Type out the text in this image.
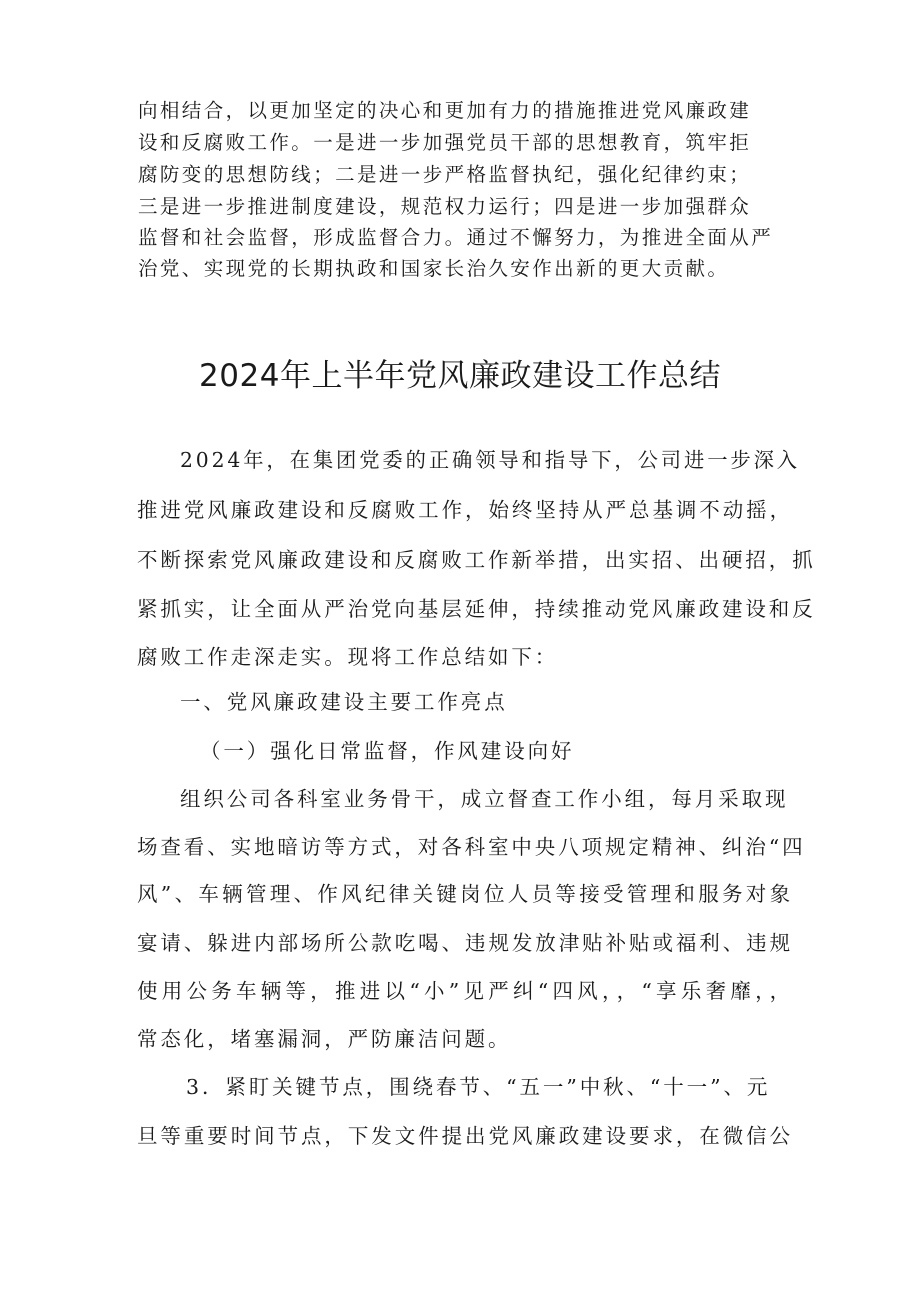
向相结合，以更加坚定的决心和更加有力的措施推进党风廉政建
设和反腐败工作。一是进一步加强党员干部的思想教育，筑牢拒
腐防变的思想防线；二是进一步严格监督执纪，强化纪律约束；
三是进一步推进制度建设，规范权力运行；四是进一步加强群众
监督和社会监督，形成监督合力。通过不懈努力，为推进全面从严
治党、实现党的长期执政和国家长治久安作出新的更大贡献。
2024年上半年党风廉政建设工作总结
2024年，在集团党委的正确领导和指导下，公司进一步深入
推进党风廉政建设和反腐败工作，始终坚持从严总基调不动摇，
不断探索党风廉政建设和反腐败工作新举措，出实招、出硬招，抓
紧抓实，让全面从严治党向基层延伸，持续推动党风廉政建设和反
腐败工作走深走实。现将工作总结如下：
一、党风廉政建设主要工作亮点
（一）强化日常监督，作风建设向好
组织公司各科室业务骨干，成立督查工作小组，每月采取现
场查看、实地暗访等方式，对各科室中央八项规定精神、纠治“四
风”、车辆管理、作风纪律关键岗位人员等接受管理和服务对象
宴请、躲进内部场所公款吃喝、违规发放津贴补贴或福利、违规
使用公务车辆等，推进以“小”见严纠“四风，，“享乐奢靡，，
常态化，堵塞漏洞，严防廉洁问题。
3．紧盯关键节点，围绕春节、“五一”中秋、“十一”、元
旦等重要时间节点，下发文件提出党风廉政建设要求，在微信公
